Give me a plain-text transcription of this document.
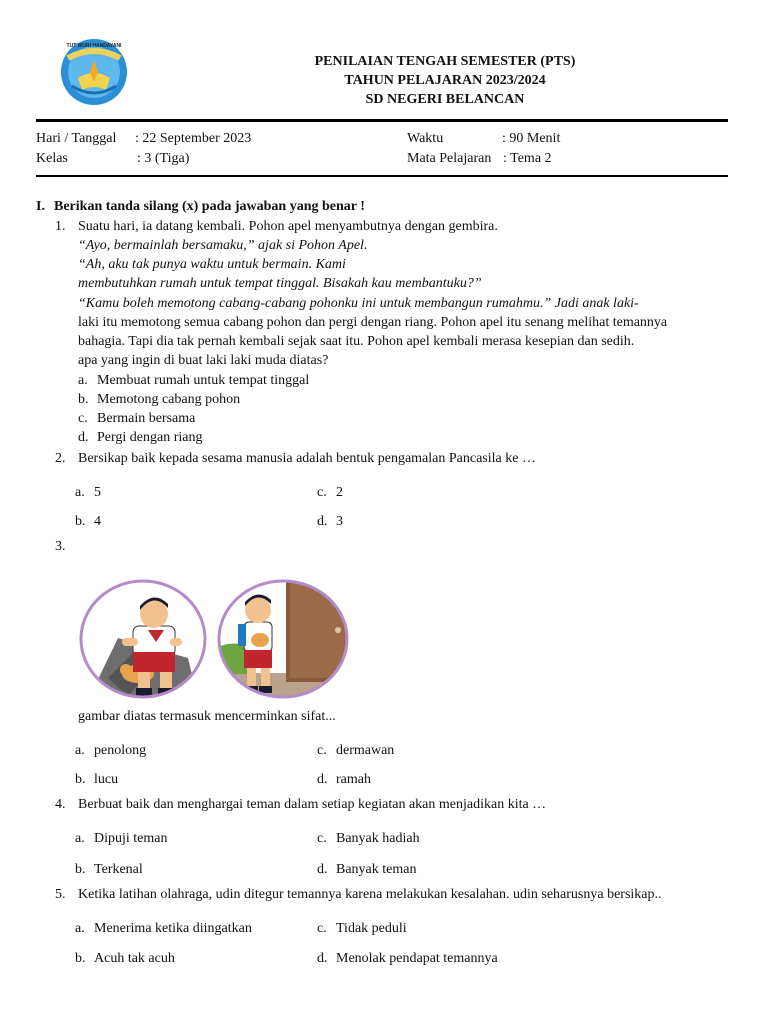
TUT WURI HANDAYANI
PENILAIAN TENGAH SEMESTER (PTS)
TAHUN PELAJARAN 2023/2024
SD NEGERI BELANCAN
Hari / Tanggal : 22 September 2023	Waktu	: 90 Menit
Kelas	: 3 (Tiga)	Mata Pelajaran : Tema 2
I. Berikan tanda silang (x) pada jawaban yang benar !
1. Suatu hari, ia datang kembali. Pohon apel menyambutnya dengan gembira.
“Ayo, bermainlah bersamaku,” ajak si Pohon Apel.
“Ah, aku tak punya waktu untuk bermain. Kami
membutuhkan rumah untuk tempat tinggal. Bisakah kau membantuku?”
“Kamu boleh memotong cabang-cabang pohonku ini untuk membangun rumahmu.” Jadi anak laki-
laki itu memotong semua cabang pohon dan pergi dengan riang. Pohon apel itu senang melihat temannya
bahagia. Tapi dia tak pernah kembali sejak saat itu. Pohon apel kembali merasa kesepian dan sedih.
apa yang ingin di buat laki laki muda diatas?
a. Membuat rumah untuk tempat tinggal
b. Memotong cabang pohon
c. Bermain bersama
d. Pergi dengan riang
2. Bersikap baik kepada sesama manusia adalah bentuk pengamalan Pancasila ke …
a. 5	c. 2
b. 4	d. 3
3.
gambar diatas termasuk mencerminkan sifat...
a. penolong	c. dermawan
b. lucu	d. ramah
4. Berbuat baik dan menghargai teman dalam setiap kegiatan akan menjadikan kita …
a. Dipuji teman	c. Banyak hadiah
b. Terkenal	d. Banyak teman
5. Ketika latihan olahraga, udin ditegur temannya karena melakukan kesalahan. udin seharusnya bersikap..
a. Menerima ketika diingatkan	c. Tidak peduli
b. Acuh tak acuh	d. Menolak pendapat temannya
